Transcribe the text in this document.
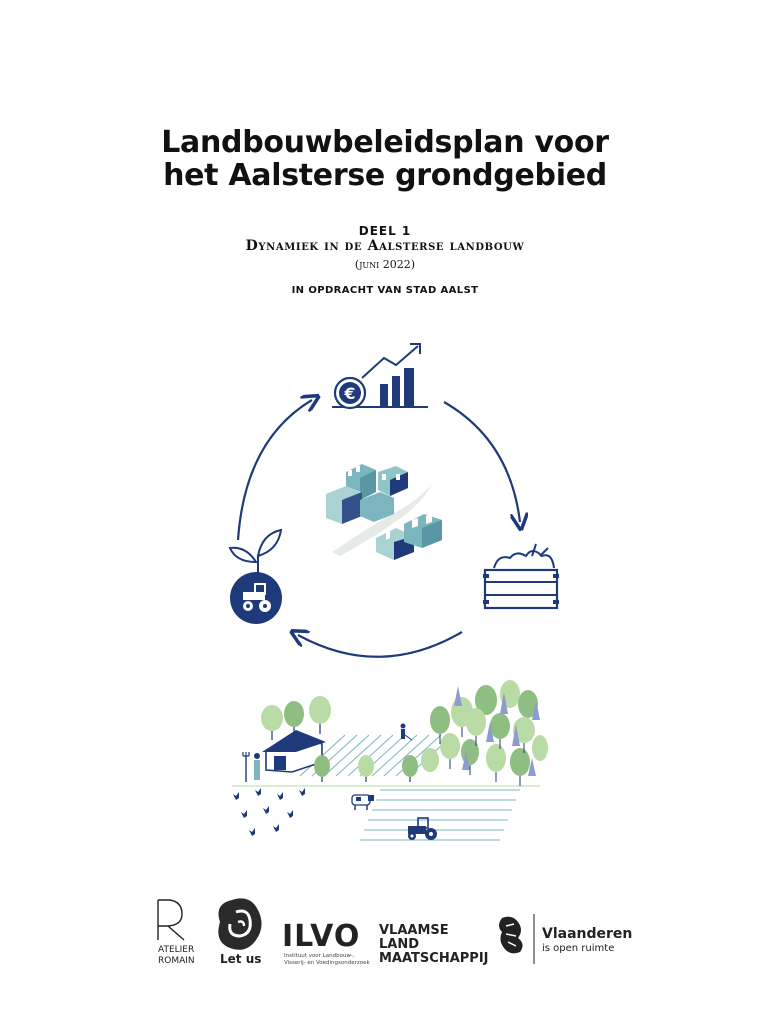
Landbouwbeleidsplan voor
het Aalsterse grondgebied
DEEL 1
Dynamiek in de Aalsterse landbouw
(juni 2022)
IN OPDRACHT VAN STAD AALST
€
ATELIER
ROMAIN Let us
ILVO
Instituut voor Landbouw-,
Visserij- en Voedingsonderzoek
VLAAMSE
LAND
MAATSCHAPPIJ
Vlaanderen
is open ruimte
